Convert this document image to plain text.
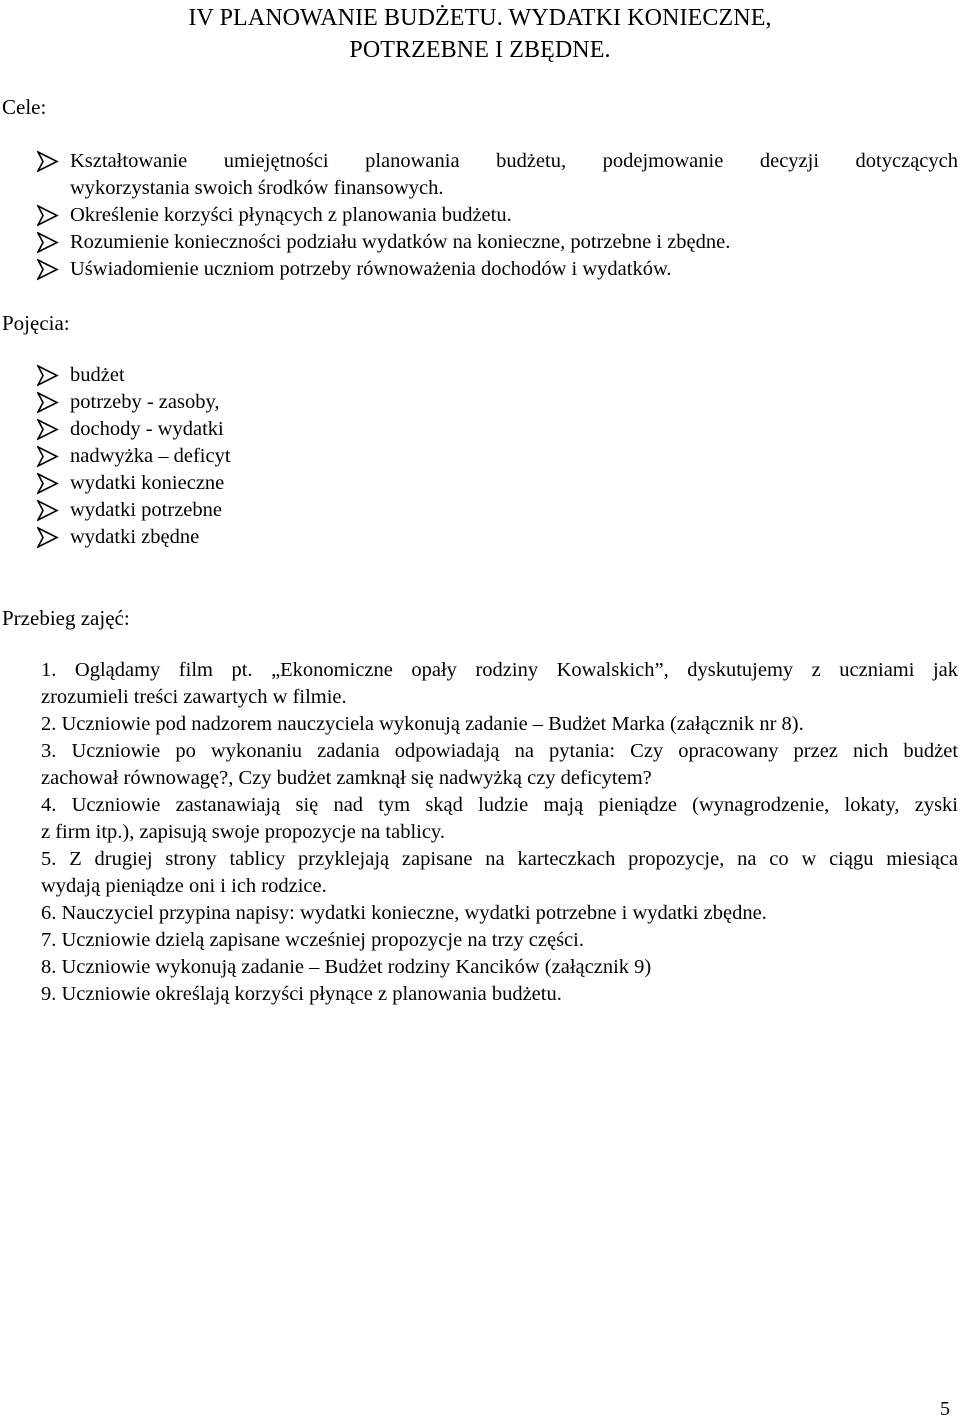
IV PLANOWANIE BUDŻETU. WYDATKI KONIECZNE,
POTRZEBNE I ZBĘDNE.
Cele:
Kształtowanie umiejętności planowania budżetu, podejmowanie decyzji dotyczących
wykorzystania swoich środków finansowych.
Określenie korzyści płynących z planowania budżetu.
Rozumienie konieczności podziału wydatków na konieczne, potrzebne i zbędne.
Uświadomienie uczniom potrzeby równoważenia dochodów i wydatków.
Pojęcia:
budżet
potrzeby - zasoby,
dochody - wydatki
nadwyżka – deficyt
wydatki konieczne
wydatki potrzebne
wydatki zbędne
Przebieg zajęć:
1. Oglądamy film pt. „Ekonomiczne opały rodziny Kowalskich”, dyskutujemy z uczniami jak
zrozumieli treści zawartych w filmie.
2. Uczniowie pod nadzorem nauczyciela wykonują zadanie – Budżet Marka (załącznik nr 8).
3. Uczniowie po wykonaniu zadania odpowiadają na pytania: Czy opracowany przez nich budżet
zachował równowagę?, Czy budżet zamknął się nadwyżką czy deficytem?
4. Uczniowie zastanawiają się nad tym skąd ludzie mają pieniądze (wynagrodzenie, lokaty, zyski
z firm itp.), zapisują swoje propozycje na tablicy.
5. Z drugiej strony tablicy przyklejają zapisane na karteczkach propozycje, na co w ciągu miesiąca
wydają pieniądze oni i ich rodzice.
6. Nauczyciel przypina napisy: wydatki konieczne, wydatki potrzebne i wydatki zbędne.
7. Uczniowie dzielą zapisane wcześniej propozycje na trzy części.
8. Uczniowie wykonują zadanie – Budżet rodziny Kancików (załącznik 9)
9. Uczniowie określają korzyści płynące z planowania budżetu.
5
